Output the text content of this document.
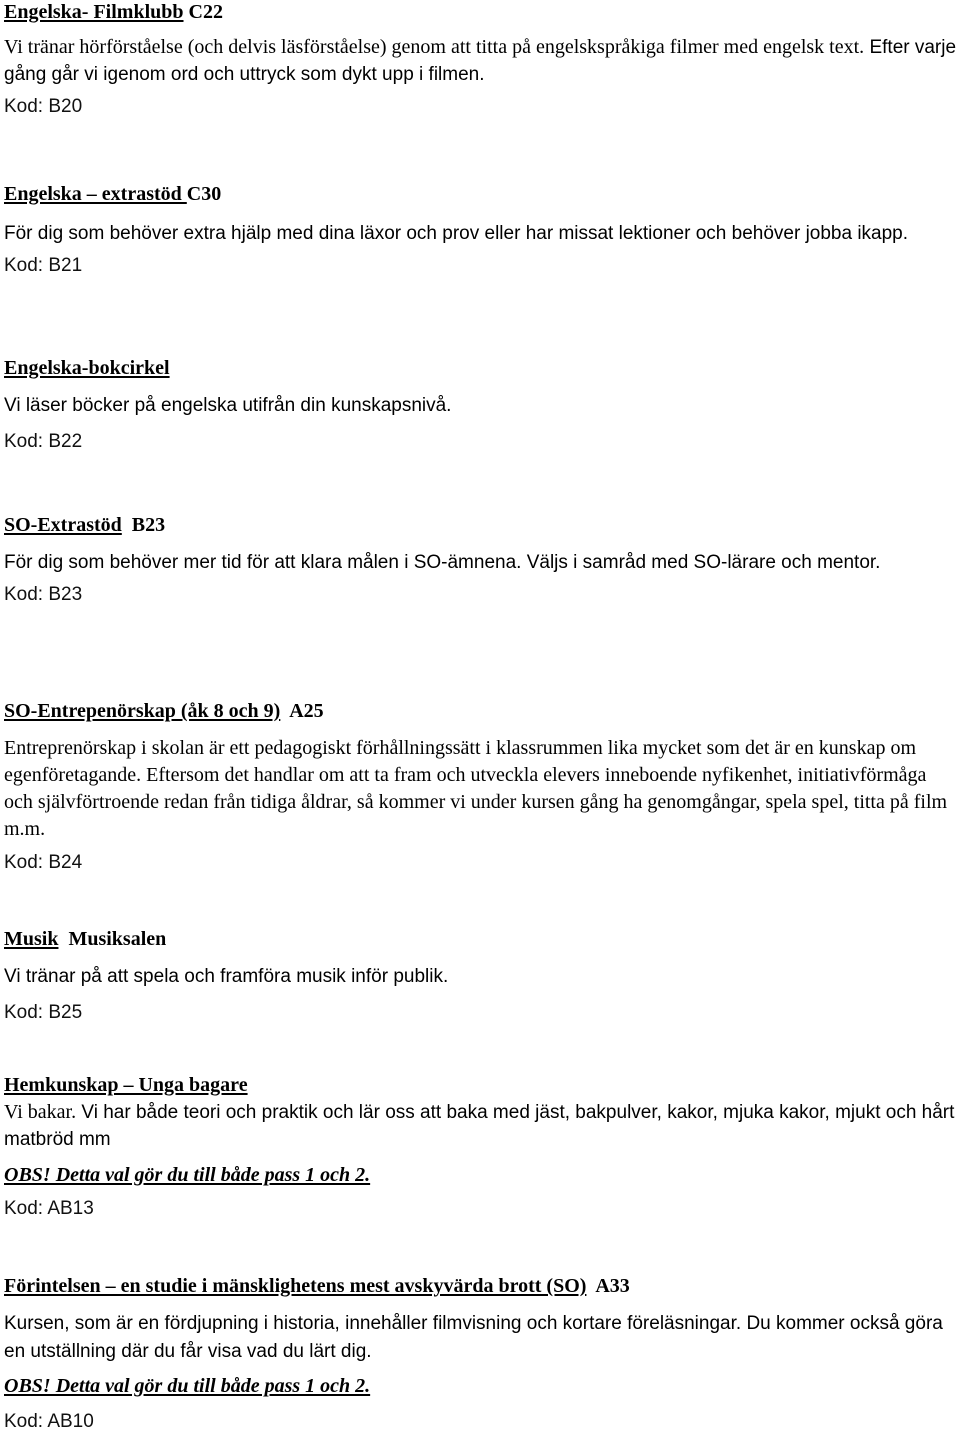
Engelska- Filmklubb C22

Vi tränar hörförståelse (och delvis läsförståelse) genom att titta på engelskspråkiga filmer med engelsk text. Efter varje gång går vi igenom ord och uttryck som dykt upp i filmen.

Kod: B20

Engelska – extrastöd C30

För dig som behöver extra hjälp med dina läxor och prov eller har missat lektioner och behöver jobba ikapp.

Kod: B21

Engelska-bokcirkel

Vi läser böcker på engelska utifrån din kunskapsnivå.

Kod: B22

SO-Extrastöd B23

För dig som behöver mer tid för att klara målen i SO-ämnena. Väljs i samråd med SO-lärare och mentor.

Kod: B23

SO-Entrepenörskap (åk 8 och 9) A25

Entreprenörskap i skolan är ett pedagogiskt förhållningssätt i klassrummen lika mycket som det är en kunskap om egenföretagande. Eftersom det handlar om att ta fram och utveckla elevers inneboende nyfikenhet, initiativförmåga och självförtroende redan från tidiga åldrar, så kommer vi under kursen gång ha genomgångar, spela spel, titta på film m.m.

Kod: B24

Musik Musiksalen

Vi tränar på att spela och framföra musik inför publik.

Kod: B25

Hemkunskap – Unga bagare

Vi bakar. Vi har både teori och praktik och lär oss att baka med jäst, bakpulver, kakor, mjuka kakor, mjukt och hårt matbröd mm

OBS! Detta val gör du till både pass 1 och 2.

Kod: AB13

Förintelsen – en studie i mänsklighetens mest avskyvärda brott (SO) A33

Kursen, som är en fördjupning i historia, innehåller filmvisning och kortare föreläsningar. Du kommer också göra en utställning där du får visa vad du lärt dig.

OBS! Detta val gör du till både pass 1 och 2.

Kod: AB10
